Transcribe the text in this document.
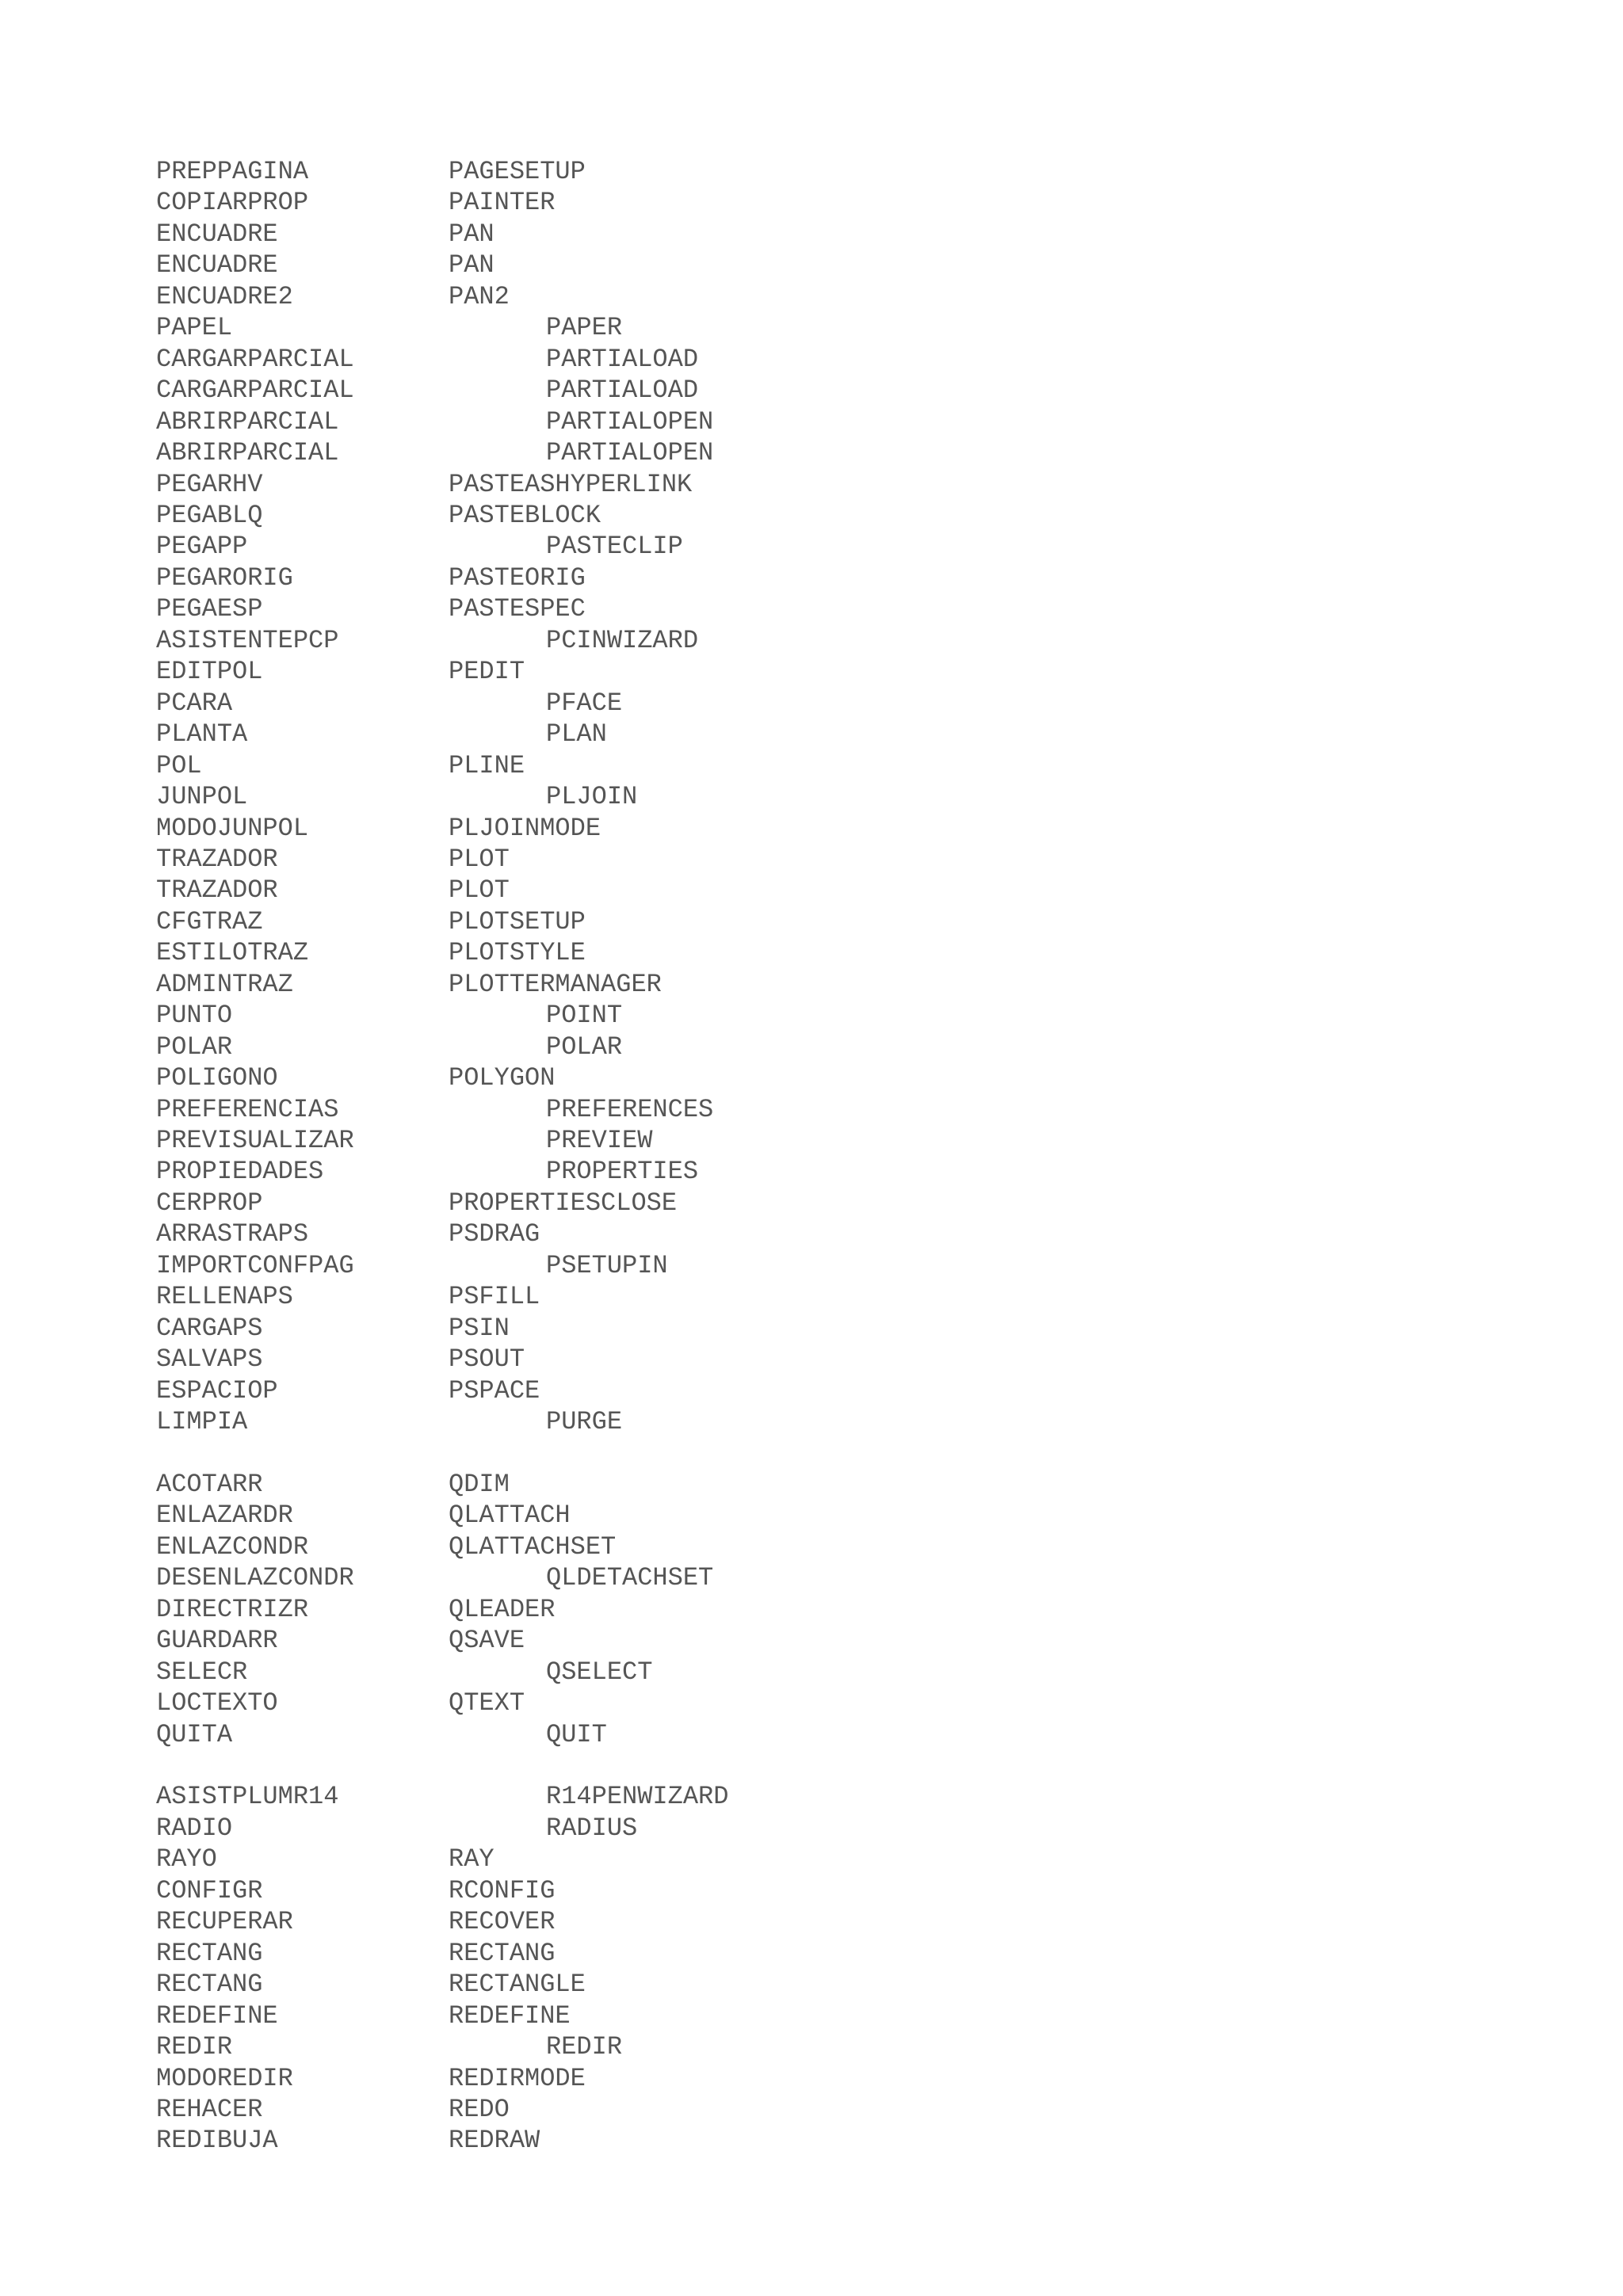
PREPPAGINA	PAGESETUP
COPIARPROP	PAINTER
ENCUADRE	PAN
ENCUADRE	PAN
ENCUADRE2	PAN2
PAPEL	PAPER
CARGARPARCIAL	PARTIALOAD
CARGARPARCIAL	PARTIALOAD
ABRIRPARCIAL	PARTIALOPEN
ABRIRPARCIAL	PARTIALOPEN
PEGARHV	PASTEASHYPERLINK
PEGABLQ	PASTEBLOCK
PEGAPP	PASTECLIP
PEGARORIG	PASTEORIG
PEGAESP	PASTESPEC
ASISTENTEPCP	PCINWIZARD
EDITPOL	PEDIT
PCARA	PFACE
PLANTA	PLAN
POL	PLINE
JUNPOL	PLJOIN
MODOJUNPOL	PLJOINMODE
TRAZADOR	PLOT
TRAZADOR	PLOT
CFGTRAZ	PLOTSETUP
ESTILOTRAZ	PLOTSTYLE
ADMINTRAZ	PLOTTERMANAGER
PUNTO	POINT
POLAR	POLAR
POLIGONO	POLYGON
PREFERENCIAS	PREFERENCES
PREVISUALIZAR	PREVIEW
PROPIEDADES	PROPERTIES
CERPROP	PROPERTIESCLOSE
ARRASTRAPS	PSDRAG
IMPORTCONFPAG	PSETUPIN
RELLENAPS	PSFILL
CARGAPS	PSIN
SALVAPS	PSOUT
ESPACIOP	PSPACE
LIMPIA	PURGE
ACOTARR	QDIM
ENLAZARDR	QLATTACH
ENLAZCONDR	QLATTACHSET
DESENLAZCONDR	QLDETACHSET
DIRECTRIZR	QLEADER
GUARDARR	QSAVE
SELECR	QSELECT
LOCTEXTO	QTEXT
QUITA	QUIT
ASISTPLUMR14	R14PENWIZARD
RADIO	RADIUS
RAYO	RAY
CONFIGR	RCONFIG
RECUPERAR	RECOVER
RECTANG	RECTANG
RECTANG	RECTANGLE
REDEFINE	REDEFINE
REDIR	REDIR
MODOREDIR	REDIRMODE
REHACER	REDO
REDIBUJA	REDRAW
